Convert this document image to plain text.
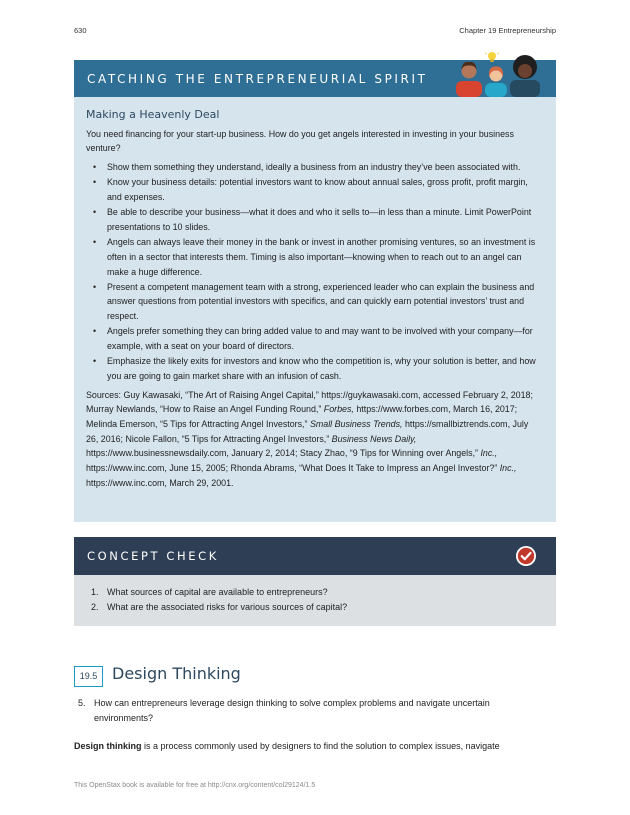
630	Chapter 19 Entrepreneurship
CATCHING THE ENTREPRENEURIAL SPIRIT
Making a Heavenly Deal

You need financing for your start-up business. How do you get angels interested in investing in your business venture?

• Show them something they understand, ideally a business from an industry they’ve been associated with.
• Know your business details: potential investors want to know about annual sales, gross profit, profit margin, and expenses.
• Be able to describe your business—what it does and who it sells to—in less than a minute. Limit PowerPoint presentations to 10 slides.
• Angels can always leave their money in the bank or invest in another promising ventures, so an investment is often in a sector that interests them. Timing is also important—knowing when to reach out to an angel can make a huge difference.
• Present a competent management team with a strong, experienced leader who can explain the business and answer questions from potential investors with specifics, and can quickly earn potential investors’ trust and respect.
• Angels prefer something they can bring added value to and may want to be involved with your company—for example, with a seat on your board of directors.
• Emphasize the likely exits for investors and know who the competition is, why your solution is better, and how you are going to gain market share with an infusion of cash.

Sources: Guy Kawasaki, “The Art of Raising Angel Capital,” https://guykawasaki.com, accessed February 2, 2018; Murray Newlands, “How to Raise an Angel Funding Round,” Forbes, https://www.forbes.com, March 16, 2017; Melinda Emerson, “5 Tips for Attracting Angel Investors,” Small Business Trends, https://smallbiztrends.com, July 26, 2016; Nicole Fallon, “5 Tips for Attracting Angel Investors,” Business News Daily, https://www.businessnewsdaily.com, January 2, 2014; Stacy Zhao, “9 Tips for Winning over Angels,” Inc., https://www.inc.com, June 15, 2005; Rhonda Abrams, “What Does It Take to Impress an Angel Investor?” Inc., https://www.inc.com, March 29, 2001.

CONCEPT CHECK
1. What sources of capital are available to entrepreneurs?
2. What are the associated risks for various sources of capital?
19.5 Design Thinking
5. How can entrepreneurs leverage design thinking to solve complex problems and navigate uncertain environments?

Design thinking is a process commonly used by designers to find the solution to complex issues, navigate

This OpenStax book is available for free at http://cnx.org/content/col29124/1.5
